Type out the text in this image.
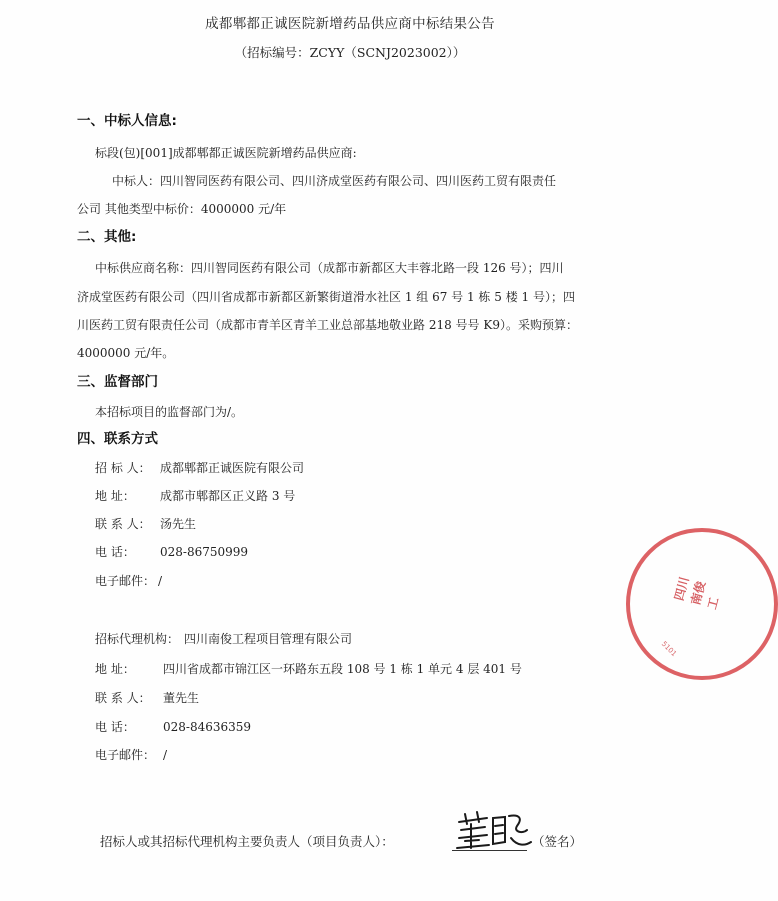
成都郫都正诚医院新增药品供应商中标结果公告
（招标编号：ZCYY（SCNJ2023002））
一、中标人信息:
标段(包)[001]成都郫都正诚医院新增药品供应商:
中标人：四川智同医药有限公司、四川济成堂医药有限公司、四川医药工贸有限责任
公司 其他类型中标价：4000000 元/年
二、其他:
中标供应商名称：四川智同医药有限公司（成都市新都区大丰蓉北路一段 126 号）；四川
济成堂医药有限公司（四川省成都市新都区新繁街道滑水社区 1 组 67 号 1 栋 5 楼 1 号）；四
川医药工贸有限责任公司（成都市青羊区青羊工业总部基地敬业路 218 号号 K9）。采购预算：
4000000 元/年。
三、监督部门
本招标项目的监督部门为/。
四、联系方式
招 标 人： 成都郫都正诚医院有限公司
地 址： 成都市郫都区正义路 3 号
联 系 人： 汤先生
电 话： 028-86750999
电子邮件： /
招标代理机构： 四川南俊工程项目管理有限公司
地 址： 四川省成都市锦江区一环路东五段 108 号 1 栋 1 单元 4 层 401 号
联 系 人： 董先生
电 话： 028-84636359
电子邮件： /
招标人或其招标代理机构主要负责人（项目负责人）：	（签名）
四川南俊工
5101
